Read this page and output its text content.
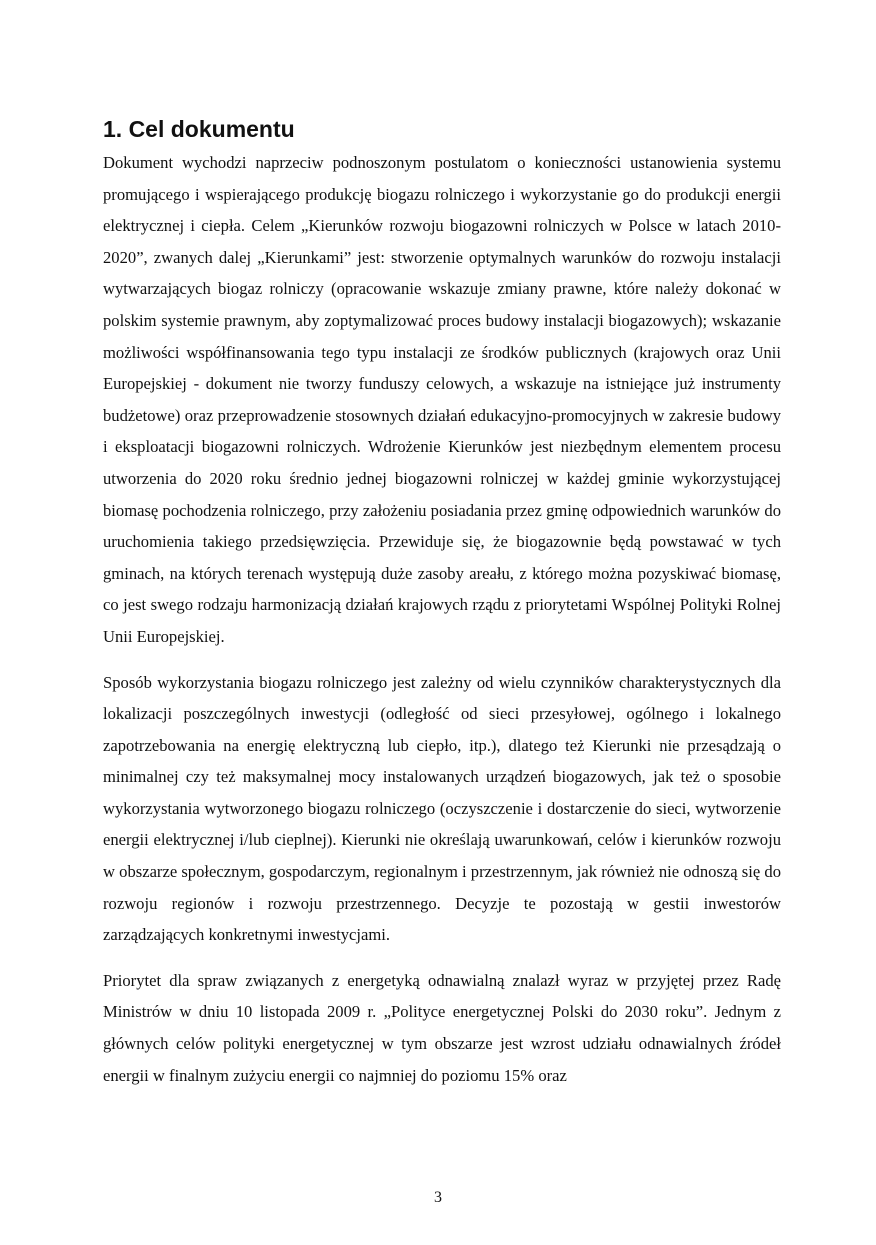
1. Cel dokumentu

Dokument wychodzi naprzeciw podnoszonym postulatom o konieczności ustanowienia systemu promującego i wspierającego produkcję biogazu rolniczego i wykorzystanie go do produkcji energii elektrycznej i ciepła. Celem „Kierunków rozwoju biogazowni rolniczych w Polsce w latach 2010-2020”, zwanych dalej „Kierunkami” jest: stworzenie optymalnych warunków do rozwoju instalacji wytwarzających biogaz rolniczy (opracowanie wskazuje zmiany prawne, które należy dokonać w polskim systemie prawnym, aby zoptymalizować proces budowy instalacji biogazowych); wskazanie możliwości współfinansowania tego typu instalacji ze środków publicznych (krajowych oraz Unii Europejskiej - dokument nie tworzy funduszy celowych, a wskazuje na istniejące już instrumenty budżetowe) oraz przeprowadzenie stosownych działań edukacyjno-promocyjnych w zakresie budowy i eksploatacji biogazowni rolniczych. Wdrożenie Kierunków jest niezbędnym elementem procesu utworzenia do 2020 roku średnio jednej biogazowni rolniczej w każdej gminie wykorzystującej biomasę pochodzenia rolniczego, przy założeniu posiadania przez gminę odpowiednich warunków do uruchomienia takiego przedsięwzięcia. Przewiduje się, że biogazownie będą powstawać w tych gminach, na których terenach występują duże zasoby areału, z którego można pozyskiwać biomasę, co jest swego rodzaju harmonizacją działań krajowych rządu z priorytetami Wspólnej Polityki Rolnej Unii Europejskiej.

Sposób wykorzystania biogazu rolniczego jest zależny od wielu czynników charakterystycznych dla lokalizacji poszczególnych inwestycji (odległość od sieci przesyłowej, ogólnego i lokalnego zapotrzebowania na energię elektryczną lub ciepło, itp.), dlatego też Kierunki nie przesądzają o minimalnej czy też maksymalnej mocy instalowanych urządzeń biogazowych, jak też o sposobie wykorzystania wytworzonego biogazu rolniczego (oczyszczenie i dostarczenie do sieci, wytworzenie energii elektrycznej i/lub cieplnej). Kierunki nie określają uwarunkowań, celów i kierunków rozwoju w obszarze społecznym, gospodarczym, regionalnym i przestrzennym, jak również nie odnoszą się do rozwoju regionów i rozwoju przestrzennego. Decyzje te pozostają w gestii inwestorów zarządzających konkretnymi inwestycjami.

Priorytet dla spraw związanych z energetyką odnawialną znalazł wyraz w przyjętej przez Radę Ministrów w dniu 10 listopada 2009 r. „Polityce energetycznej Polski do 2030 roku”. Jednym z głównych celów polityki energetycznej w tym obszarze jest wzrost udziału odnawialnych źródeł energii w finalnym zużyciu energii co najmniej do poziomu 15% oraz

3
